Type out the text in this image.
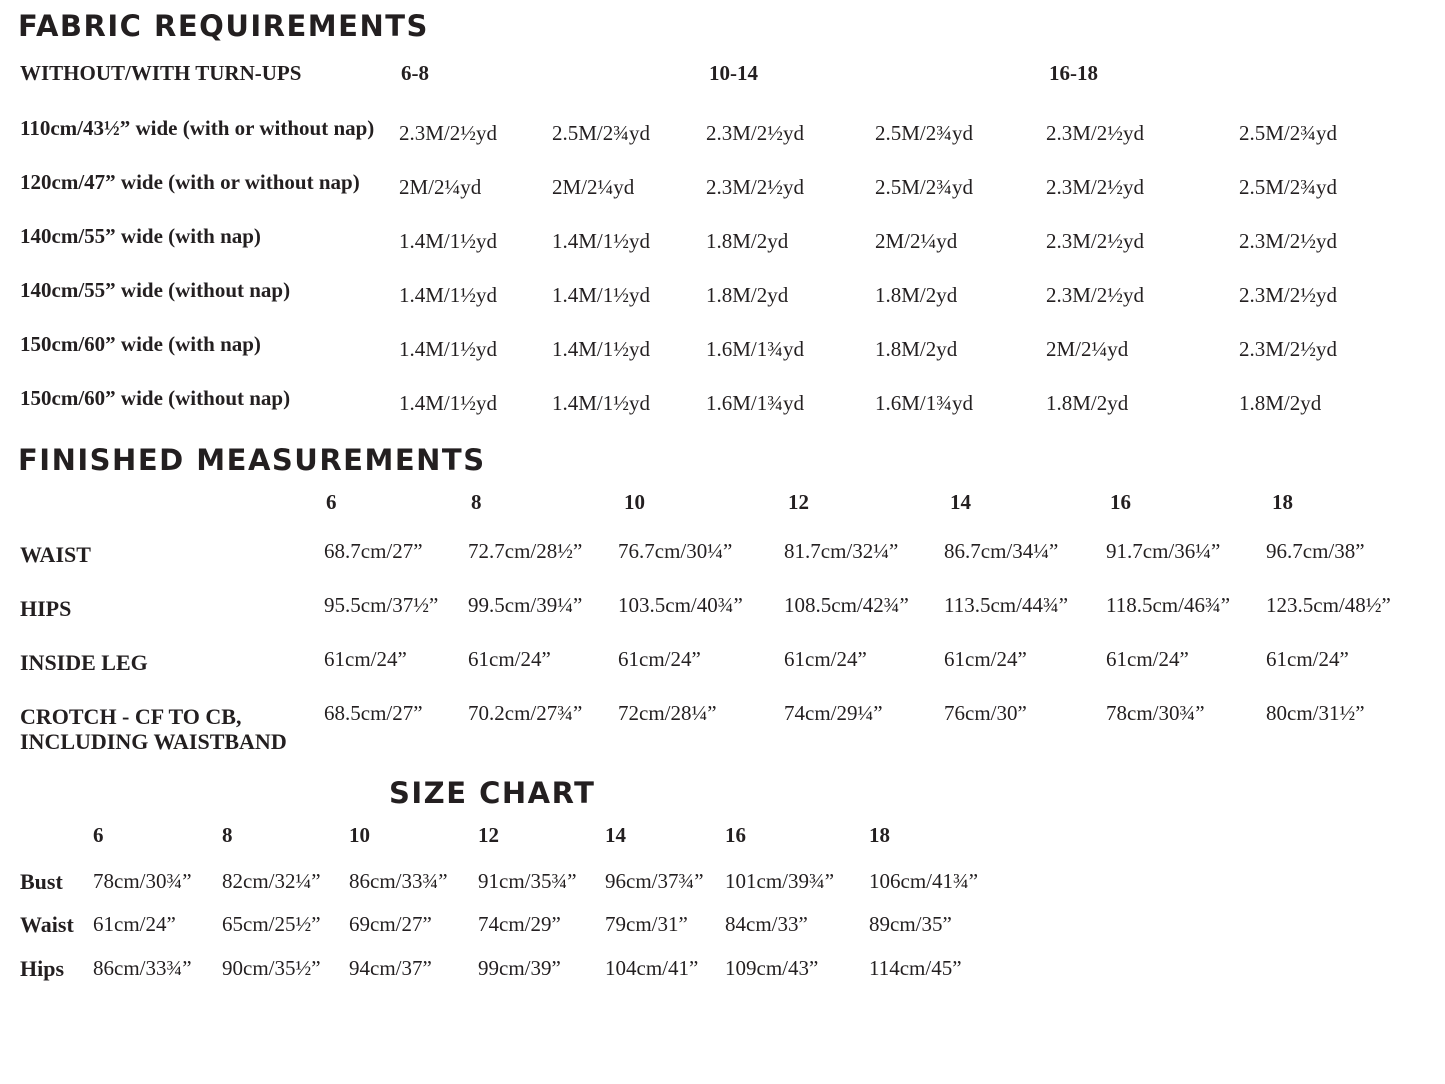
FABRIC REQUIREMENTS
WITHOUT/WITH TURN-UPS	6-8	10-14	16-18
110cm/43½” wide (with or without nap) 2.3M/2½yd	2.5M/2¾yd	2.3M/2½yd	2.5M/2¾yd	2.3M/2½yd	2.5M/2¾yd
120cm/47” wide (with or without nap) 2M/2¼yd	2M/2¼yd	2.3M/2½yd	2.5M/2¾yd	2.3M/2½yd	2.5M/2¾yd
140cm/55” wide (with nap)	1.4M/1½yd	1.4M/1½yd	1.8M/2yd	2M/2¼yd	2.3M/2½yd	2.3M/2½yd
140cm/55” wide (without nap)	1.4M/1½yd	1.4M/1½yd	1.8M/2yd	1.8M/2yd	2.3M/2½yd	2.3M/2½yd
150cm/60” wide (with nap)	1.4M/1½yd	1.4M/1½yd	1.6M/1¾yd	1.8M/2yd	2M/2¼yd	2.3M/2½yd
150cm/60” wide (without nap)	1.4M/1½yd	1.4M/1½yd	1.6M/1¾yd	1.6M/1¾yd	1.8M/2yd	1.8M/2yd
FINISHED MEASUREMENTS
6	8	10	12	14	16	18
WAIST	68.7cm/27” 72.7cm/28½” 76.7cm/30¼” 81.7cm/32¼” 86.7cm/34¼” 91.7cm/36¼” 96.7cm/38”
HIPS	95.5cm/37½” 99.5cm/39¼” 103.5cm/40¾” 108.5cm/42¾” 113.5cm/44¾” 118.5cm/46¾” 123.5cm/48½”
INSIDE LEG	61cm/24”	61cm/24”	61cm/24”	61cm/24”	61cm/24”	61cm/24”	61cm/24”
CROTCH - CF TO CB,
INCLUDING WAISTBAND
68.5cm/27” 70.2cm/27¾” 72cm/28¼”	74cm/29¼”	76cm/30”	78cm/30¾”	80cm/31½”
SIZE CHART
6	8	10	12	14	16	18
Bust 78cm/30¾” 82cm/32¼” 86cm/33¾” 91cm/35¾” 96cm/37¾” 101cm/39¾” 106cm/41¾”
Waist 61cm/24” 65cm/25½” 69cm/27” 74cm/29” 79cm/31” 84cm/33”	89cm/35”
Hips 86cm/33¾” 90cm/35½” 94cm/37” 99cm/39” 104cm/41” 109cm/43” 114cm/45”
